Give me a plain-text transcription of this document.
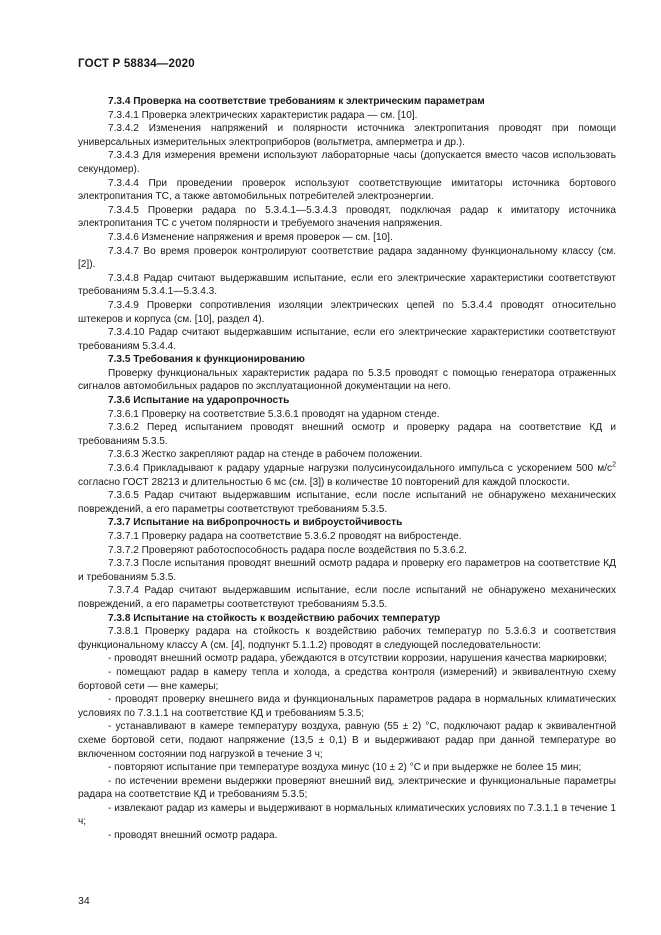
ГОСТ Р 58834—2020

7.3.4 Проверка на соответствие требованиям к электрическим параметрам

7.3.4.1 Проверка электрических характеристик радара — см. [10].

7.3.4.2 Изменения напряжений и полярности источника электропитания проводят при помощи универсальных измерительных электроприборов (вольтметра, амперметра и др.).

7.3.4.3 Для измерения времени используют лабораторные часы (допускается вместо часов использовать секундомер).

7.3.4.4 При проведении проверок используют соответствующие имитаторы источника бортового электропитания ТС, а также автомобильных потребителей электроэнергии.

7.3.4.5 Проверки радара по 5.3.4.1—5.3.4.3 проводят, подключая радар к имитатору источника электропитания ТС с учетом полярности и требуемого значения напряжения.

7.3.4.6 Изменение напряжения и время проверок — см. [10].

7.3.4.7 Во время проверок контролируют соответствие радара заданному функциональному классу (см. [2]).

7.3.4.8 Радар считают выдержавшим испытание, если его электрические характеристики соответствуют требованиям 5.3.4.1—5.3.4.3.

7.3.4.9 Проверки сопротивления изоляции электрических цепей по 5.3.4.4 проводят относительно штекеров и корпуса (см. [10], раздел 4).

7.3.4.10 Радар считают выдержавшим испытание, если его электрические характеристики соответствуют требованиям 5.3.4.4.

7.3.5 Требования к функционированию

Проверку функциональных характеристик радара по 5.3.5 проводят с помощью генератора отраженных сигналов автомобильных радаров по эксплуатационной документации на него.

7.3.6 Испытание на ударопрочность

7.3.6.1 Проверку на соответствие 5.3.6.1 проводят на ударном стенде.

7.3.6.2 Перед испытанием проводят внешний осмотр и проверку радара на соответствие КД и требованиям 5.3.5.

7.3.6.3 Жестко закрепляют радар на стенде в рабочем положении.

7.3.6.4 Прикладывают к радару ударные нагрузки полусинусоидального импульса с ускорением 500 $м/с^2$ согласно ГОСТ 28213 и длительностью 6 мс (см. [3]) в количестве 10 повторений для каждой плоскости.

7.3.6.5 Радар считают выдержавшим испытание, если после испытаний не обнаружено механических повреждений, а его параметры соответствуют требованиям 5.3.5.

7.3.7 Испытание на вибропрочность и виброустойчивость

7.3.7.1 Проверку радара на соответствие 5.3.6.2 проводят на вибростенде.

7.3.7.2 Проверяют работоспособность радара после воздействия по 5.3.6.2.

7.3.7.3 После испытания проводят внешний осмотр радара и проверку его параметров на соответствие КД и требованиям 5.3.5.

7.3.7.4 Радар считают выдержавшим испытание, если после испытаний не обнаружено механических повреждений, а его параметры соответствуют требованиям 5.3.5.

7.3.8 Испытание на стойкость к воздействию рабочих температур

7.3.8.1 Проверку радара на стойкость к воздействию рабочих температур по 5.3.6.3 и соответствия функциональному классу А (см. [4], подпункт 5.1.1.2) проводят в следующей последовательности:

- проводят внешний осмотр радара, убеждаются в отсутствии коррозии, нарушения качества маркировки;

- помещают радар в камеру тепла и холода, а средства контроля (измерений) и эквивалентную схему бортовой сети — вне камеры;

- проводят проверку внешнего вида и функциональных параметров радара в нормальных климатических условиях по 7.3.1.1 на соответствие КД и требованиям 5.3.5;

- устанавливают в камере температуру воздуха, равную (55 ± 2) °С, подключают радар к эквивалентной схеме бортовой сети, подают напряжение (13,5 ± 0,1) В и выдерживают радар при данной температуре во включенном состоянии под нагрузкой в течение 3 ч;

- повторяют испытание при температуре воздуха минус (10 ± 2) °С и при выдержке не более 15 мин;

- по истечении времени выдержки проверяют внешний вид, электрические и функциональные параметры радара на соответствие КД и требованиям 5.3.5;

- извлекают радар из камеры и выдерживают в нормальных климатических условиях по 7.3.1.1 в течение 1 ч;

- проводят внешний осмотр радара.

34
